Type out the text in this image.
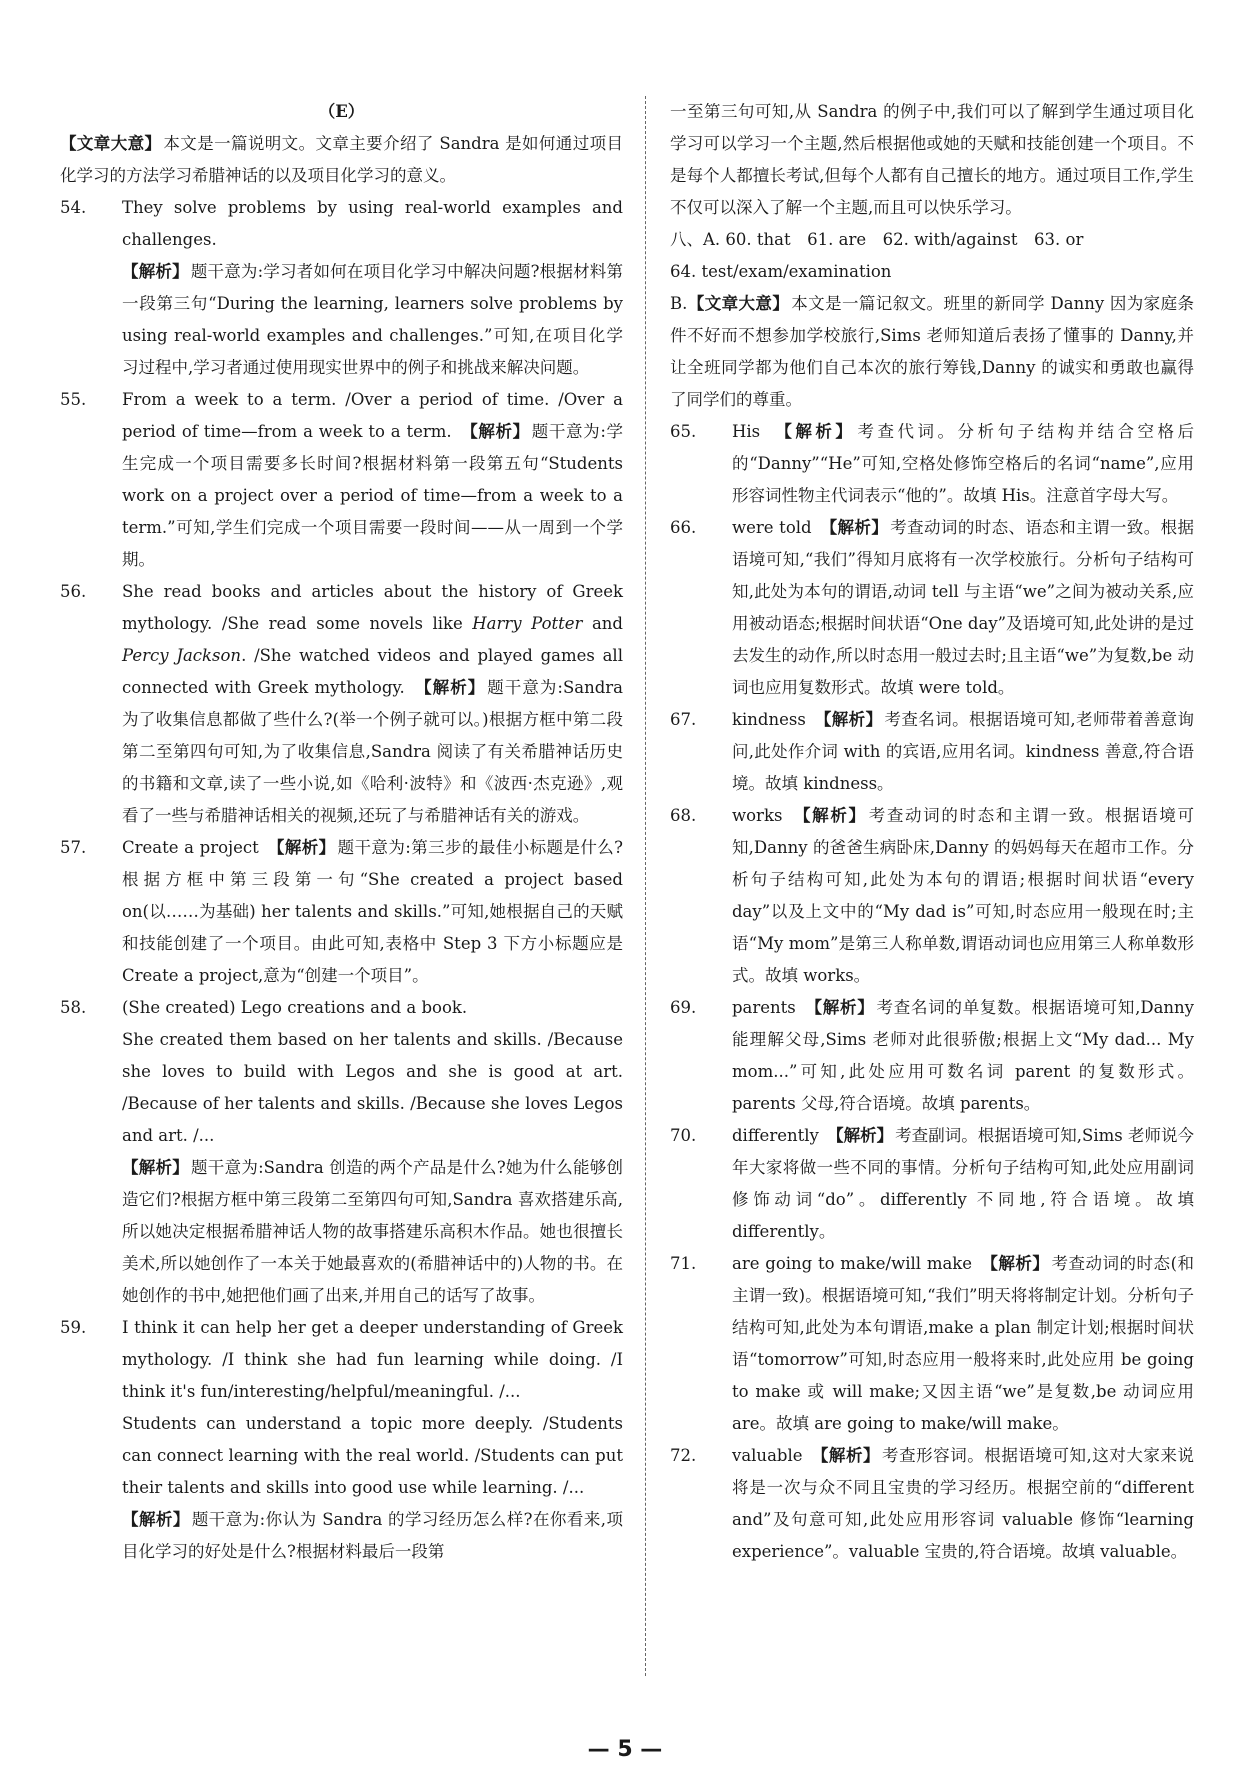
（E）

【文章大意】 本文是一篇说明文。文章主要介绍了 Sandra 是如何通过项目化学习的方法学习希腊神话的以及项目化学习的意义。

54. They solve problems by using real-world examples and challenges.

【解析】 题干意为:学习者如何在项目化学习中解决问题?根据材料第一段第三句“During the learning, learners solve problems by using real-world examples and challenges.”可知,在项目化学习过程中,学习者通过使用现实世界中的例子和挑战来解决问题。

55. From a week to a term. /Over a period of time. /Over a period of time—from a week to a term.　 【解析】 题干意为:学生完成一个项目需要多长时间?根据材料第一段第五句“Students work on a project over a period of time—from a week to a term.”可知,学生们完成一个项目需要一段时间——从一周到一个学期。

56. She read books and articles about the history of Greek mythology. /She read some novels like Harry Potter and Percy Jackson. /She watched videos and played games all connected with Greek mythology.　 【解析】 题干意为:Sandra 为了收集信息都做了些什么?(举一个例子就可以。)根据方框中第二段第二至第四句可知,为了收集信息,Sandra 阅读了有关希腊神话历史的书籍和文章,读了一些小说,如《哈利·波特》和《波西·杰克逊》,观看了一些与希腊神话相关的视频,还玩了与希腊神话有关的游戏。

57. Create a project　 【解析】 题干意为:第三步的最佳小标题是什么?根据方框中第三段第一句“She created a project based on(以……为基础) her talents and skills.”可知,她根据自己的天赋和技能创建了一个项目。由此可知,表格中 Step 3 下方小标题应是 Create a project,意为“创建一个项目”。

58. (She created) Lego creations and a book.

She created them based on her talents and skills. /Because she loves to build with Legos and she is good at art. /Because of her talents and skills. /Because she loves Legos and art. /...

【解析】 题干意为:Sandra 创造的两个产品是什么?她为什么能够创造它们?根据方框中第三段第二至第四句可知,Sandra 喜欢搭建乐高,所以她决定根据希腊神话人物的故事搭建乐高积木作品。她也很擅长美术,所以她创作了一本关于她最喜欢的(希腊神话中的)人物的书。在她创作的书中,她把他们画了出来,并用自己的话写了故事。

59. I think it can help her get a deeper understanding of Greek mythology. /I think she had fun learning while doing. /I think it's fun/interesting/helpful/meaningful. /...

Students can understand a topic more deeply. /Students can connect learning with the real world. /Students can put their talents and skills into good use while learning. /...

【解析】 题干意为:你认为 Sandra 的学习经历怎么样?在你看来,项目化学习的好处是什么?根据材料最后一段第

一至第三句可知,从 Sandra 的例子中,我们可以了解到学生通过项目化学习可以学习一个主题,然后根据他或她的天赋和技能创建一个项目。不是每个人都擅长考试,但每个人都有自己擅长的地方。通过项目工作,学生不仅可以深入了解一个主题,而且可以快乐学习。

八、A. 60. that　61. are　62. with/against　63. or

64. test/exam/examination

B.【文章大意】 本文是一篇记叙文。班里的新同学 Danny 因为家庭条件不好而不想参加学校旅行,Sims 老师知道后表扬了懂事的 Danny,并让全班同学都为他们自己本次的旅行筹钱,Danny 的诚实和勇敢也赢得了同学们的尊重。

65. His　 【解析】 考查代词。分析句子结构并结合空格后的“Danny”“He”可知,空格处修饰空格后的名词“name”,应用形容词性物主代词表示“他的”。故填 His。注意首字母大写。

66. were told　 【解析】 考查动词的时态、语态和主谓一致。根据语境可知,“我们”得知月底将有一次学校旅行。分析句子结构可知,此处为本句的谓语,动词 tell 与主语“we”之间为被动关系,应用被动语态;根据时间状语“One day”及语境可知,此处讲的是过去发生的动作,所以时态用一般过去时;且主语“we”为复数,be 动词也应用复数形式。故填 were told。

67. kindness　 【解析】 考查名词。根据语境可知,老师带着善意询问,此处作介词 with 的宾语,应用名词。kindness 善意,符合语境。故填 kindness。

68. works　 【解析】 考查动词的时态和主谓一致。根据语境可知,Danny 的爸爸生病卧床,Danny 的妈妈每天在超市工作。分析句子结构可知,此处为本句的谓语;根据时间状语“every day”以及上文中的“My dad is”可知,时态应用一般现在时;主语“My mom”是第三人称单数,谓语动词也应用第三人称单数形式。故填 works。

69. parents　 【解析】 考查名词的单复数。根据语境可知,Danny 能理解父母,Sims 老师对此很骄傲;根据上文“My dad... My mom...”可知,此处应用可数名词 parent 的复数形式。parents 父母,符合语境。故填 parents。

70. differently　 【解析】 考查副词。根据语境可知,Sims 老师说今年大家将做一些不同的事情。分析句子结构可知,此处应用副词修饰动词“do”。differently 不同地,符合语境。故填 differently。

71. are going to make/will make　 【解析】 考查动词的时态(和主谓一致)。根据语境可知,“我们”明天将将制定计划。分析句子结构可知,此处为本句谓语,make a plan 制定计划;根据时间状语“tomorrow”可知,时态应用一般将来时,此处应用 be going to make 或 will make;又因主语“we”是复数,be 动词应用 are。故填 are going to make/will make。

72. valuable　 【解析】 考查形容词。根据语境可知,这对大家来说将是一次与众不同且宝贵的学习经历。根据空前的“different and”及句意可知,此处应用形容词 valuable 修饰“learning experience”。valuable 宝贵的,符合语境。故填 valuable。

— 5 —
